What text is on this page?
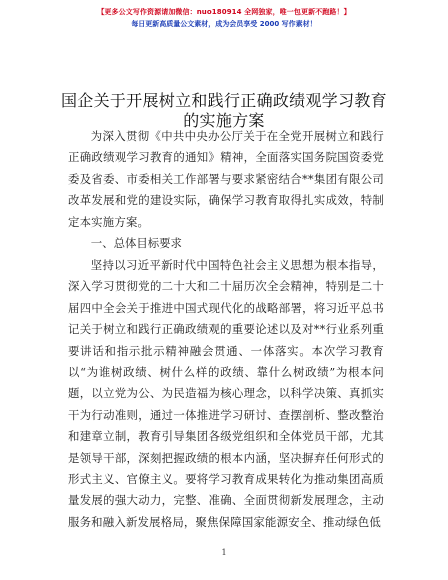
【更多公文写作资源请加微信：nuo180914 全网独家，唯一包更新不跑路！】
每日更新高质量公文素材，成为会员享受 2000 写作素材！
国企关于开展树立和践行正确政绩观学习教育
的实施方案

为深入贯彻《中共中央办公厅关于在全党开展树立和践行正确政绩观学习教育的通知》精神，全面落实国务院国资委党委及省委、市委相关工作部署与要求紧密结合**集团有限公司改革发展和党的建设实际，确保学习教育取得扎实成效，特制定本实施方案。

一、总体目标要求

坚持以习近平新时代中国特色社会主义思想为根本指导，深入学习贯彻党的二十大和二十届历次全会精神，特别是二十届四中全会关于推进中国式现代化的战略部署，将习近平总书记关于树立和践行正确政绩观的重要论述以及对**行业系列重要讲话和指示批示精神融会贯通、一体落实。本次学习教育以“为谁树政绩、树什么样的政绩、靠什么树政绩”为根本问题，以立党为公、为民造福为核心理念，以科学决策、真抓实干为行动准则，通过一体推进学习研讨、查摆剖析、整改整治和建章立制，教育引导集团各级党组织和全体党员干部，尤其是领导干部，深刻把握政绩的根本内涵，坚决摒弃任何形式的形式主义、官僚主义。要将学习教育成果转化为推动集团高质量发展的强大动力，完整、准确、全面贯彻新发展理念，主动服务和融入新发展格局，聚焦保障国家能源安全、推动绿色低

1
